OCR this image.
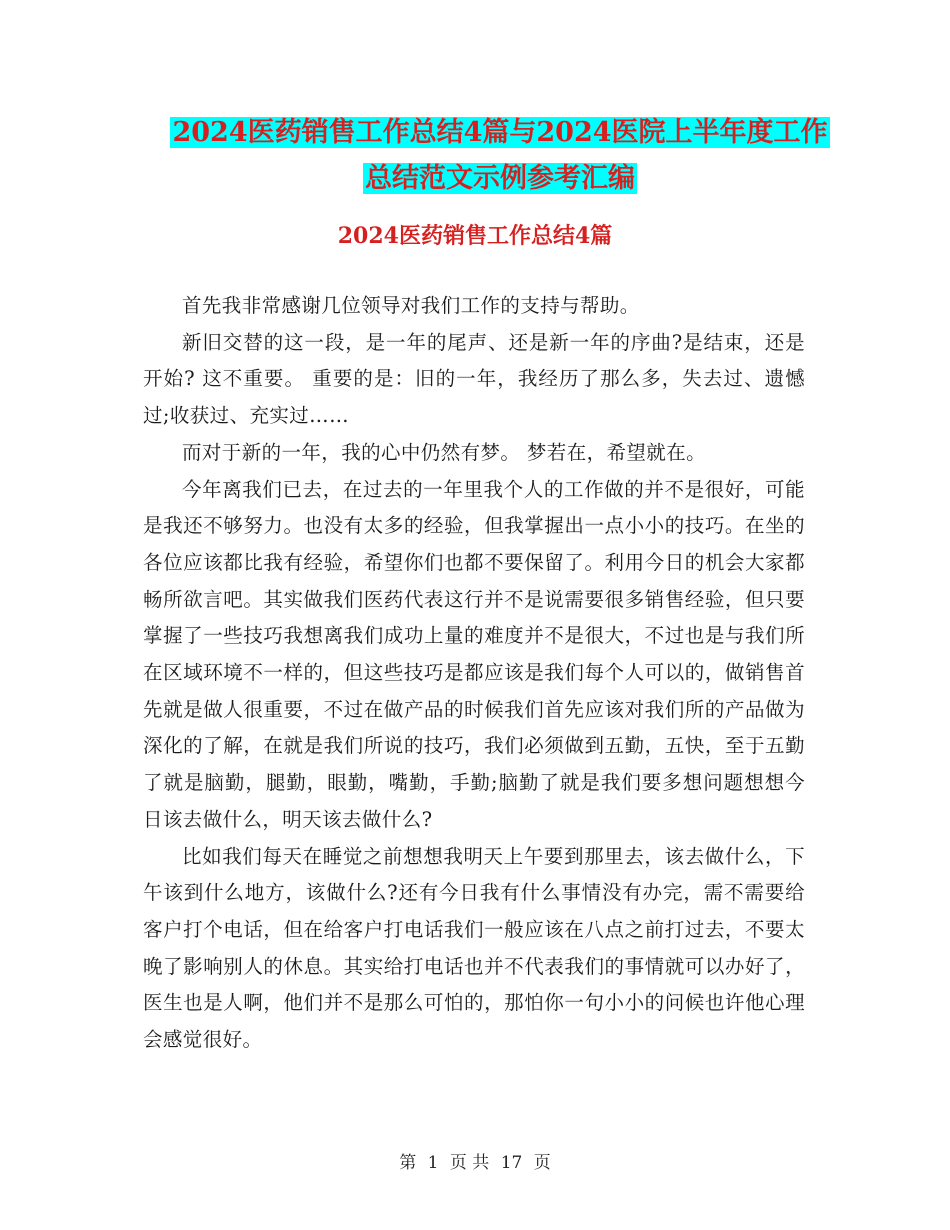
2024医药销售工作总结4篇与2024医院上半年度工作
总结范文示例参考汇编
2024医药销售工作总结4篇

首先我非常感谢几位领导对我们工作的支持与帮助。

新旧交替的这一段，是一年的尾声、还是新一年的序曲?是结束，还是开始? 这不重要。 重要的是：旧的一年，我经历了那么多，失去过、遗憾过;收获过、充实过……

而对于新的一年，我的心中仍然有梦。 梦若在，希望就在。

今年离我们已去，在过去的一年里我个人的工作做的并不是很好，可能是我还不够努力。也没有太多的经验，但我掌握出一点小小的技巧。在坐的各位应该都比我有经验，希望你们也都不要保留了。利用今日的机会大家都畅所欲言吧。其实做我们医药代表这行并不是说需要很多销售经验，但只要掌握了一些技巧我想离我们成功上量的难度并不是很大，不过也是与我们所在区域环境不一样的，但这些技巧是都应该是我们每个人可以的，做销售首先就是做人很重要，不过在做产品的时候我们首先应该对我们所的产品做为深化的了解，在就是我们所说的技巧，我们必须做到五勤，五快，至于五勤了就是脑勤，腿勤，眼勤，嘴勤，手勤;脑勤了就是我们要多想问题想想今日该去做什么，明天该去做什么?

比如我们每天在睡觉之前想想我明天上午要到那里去，该去做什么，下午该到什么地方，该做什么?还有今日我有什么事情没有办完，需不需要给客户打个电话，但在给客户打电话我们一般应该在八点之前打过去，不要太晚了影响别人的休息。其实给打电话也并不代表我们的事情就可以办好了，医生也是人啊，他们并不是那么可怕的，那怕你一句小小的问候也许他心理会感觉很好。

第 1 页 共 17 页
